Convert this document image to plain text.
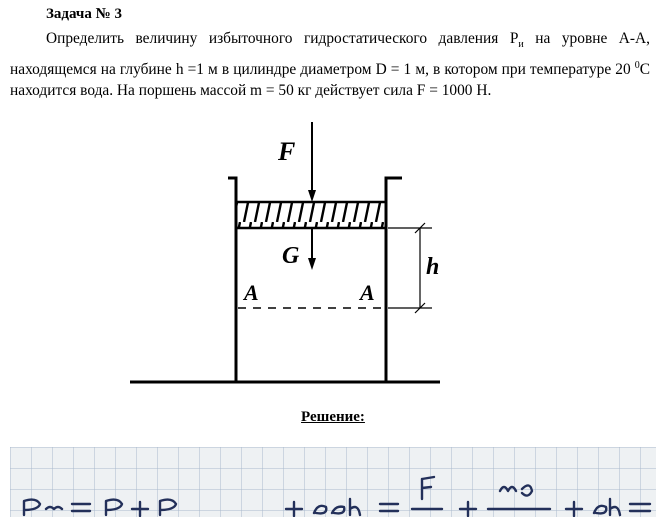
Задача № 3
Определить величину избыточного гидростатического давления $P_и$ на уровне А-А, находящемся на глубине h =1 м в цилиндре диаметром D = 1 м, в котором при температуре 20 $^0$С находится вода. На поршень массой m = 50 кг действует сила F = 1000 Н.
F
G
A	A
h
Решение:
